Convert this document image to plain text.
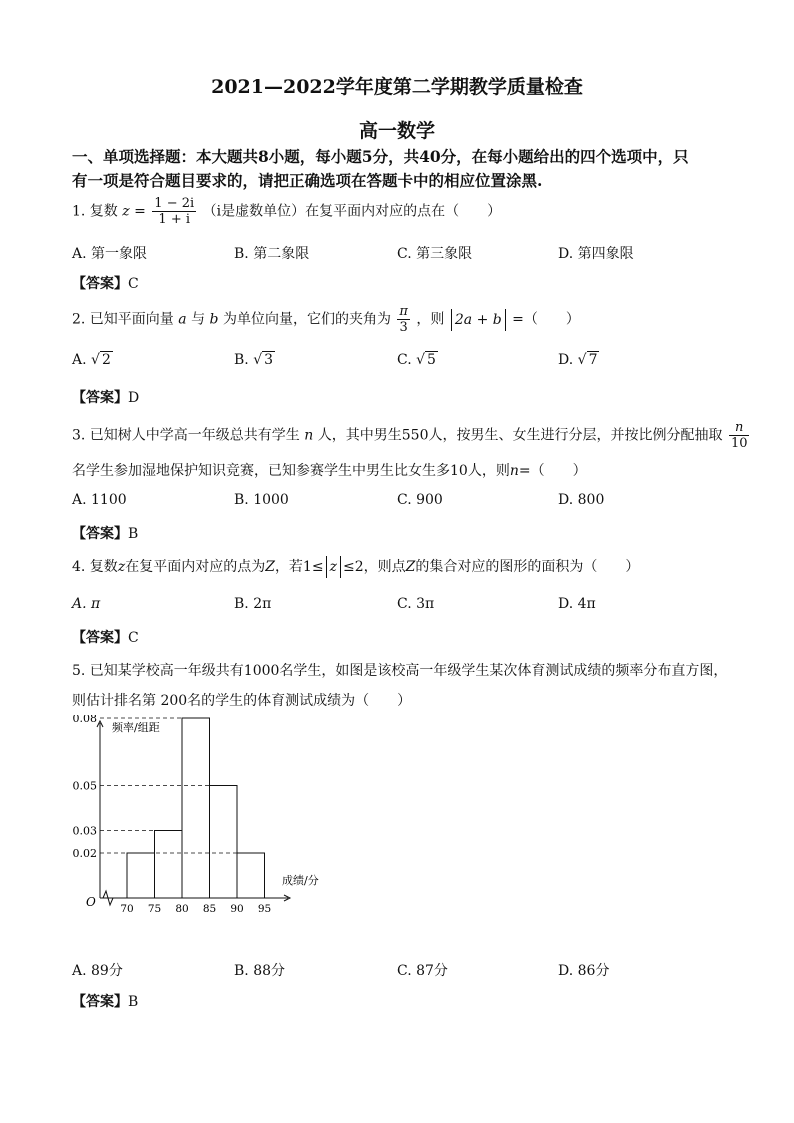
2021—2022学年度第二学期教学质量检查
高一数学
一、单项选择题：本大题共8小题，每小题5分，共40分，在每小题给出的四个选项中，只
有一项是符合题目要求的，请把正确选项在答题卡中的相应位置涂黑.
1. 复数 $z = \frac{1 - 2i}{1 + i} (i$是虚数单位）在复平面内对应的点在（　　）
A. 第一象限	B. 第二象限	C. 第三象限	D. 第四象限
【答案】C
2. 已知平面向量 a 与 b 为单位向量，它们的夹角为 $\frac{\pi}{3}$ ，则 2a + b =（　　）
A. √ 2	B. √ 3	C. √ 5	D. √ 7
【答案】D
3. 已知树人中学高一年级总共有学生 n 人，其中男生550人，按男生、女生进行分层，并按比例分配抽取 $\frac{n}{10}$
名学生参加湿地保护知识竞赛，已知参赛学生中男生比女生多10人，则n=（　　）
A. 1100	B. 1000	C. 900	D. 800
【答案】B
4. 复数z在复平面内对应的点为Z，若1≤ z ≤2，则点Z的集合对应的图形的面积为（　　）
A. π	B. 2π	C. 3π	D. 4π
【答案】C
5. 已知某学校高一年级共有1000名学生，如图是该校高一年级学生某次体育测试成绩的频率分布直方图，
则估计排名第 200名的学生的体育测试成绩为（　　）
0.02
0.03
0.05
0.08
70 75 80 85 90 95
O
频率/组距
成绩/分
A. 89分	B. 88分	C. 87分	D. 86分
【答案】B
